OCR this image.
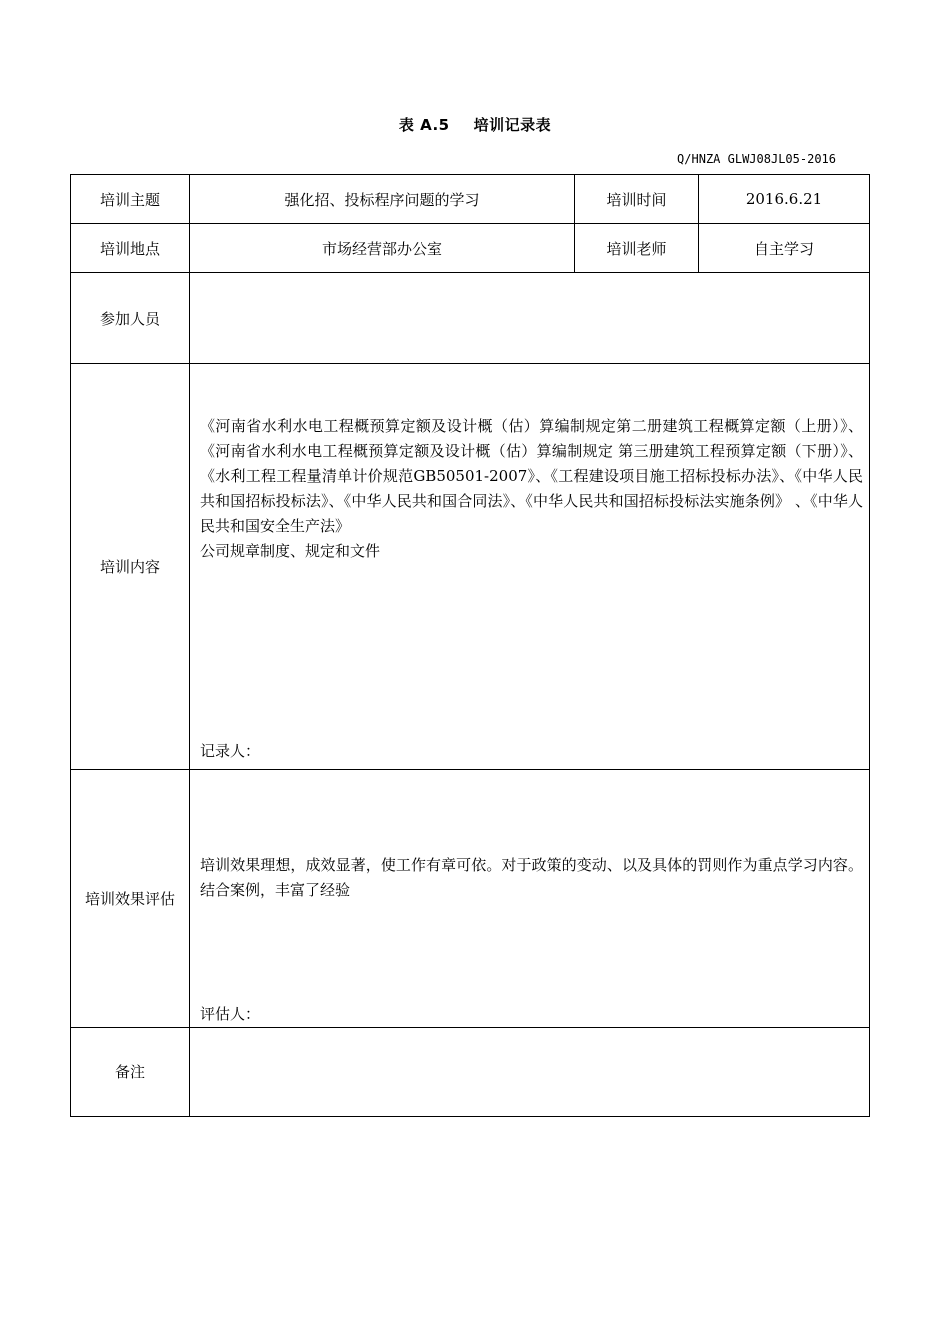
表 A.5 培训记录表
Q/HNZA GLWJ08JL05-2016
培训主题	强化招、投标程序问题的学习	培训时间	2016.6.21
培训地点	市场经营部办公室	培训老师	自主学习
参加人员			
培训内容	《河南省水利水电工程概预算定额及设计概（估）算编制规定第二册建筑工程概算定额（上册）》、《河南省水利水电工程概预算定额及设计概（估）算编制规定 第三册建筑工程预算定额（下册）》、《水利工程工程量清单计价规范GB50501-2007》、《工程建设项目施工招标投标办法》、《中华人民共和国招标投标法》、《中华人民共和国合同法》、《中华人民共和国招标投标法实施条例》 、《中华人民共和国安全生产法》
公司规章制度、规定和文件
记录人：		

培训效果评估	培训效果理想，成效显著，使工作有章可依。对于政策的变动、以及具体的罚则作为重点学习内容。结合案例，丰富了经验
评估人：		

备注			
